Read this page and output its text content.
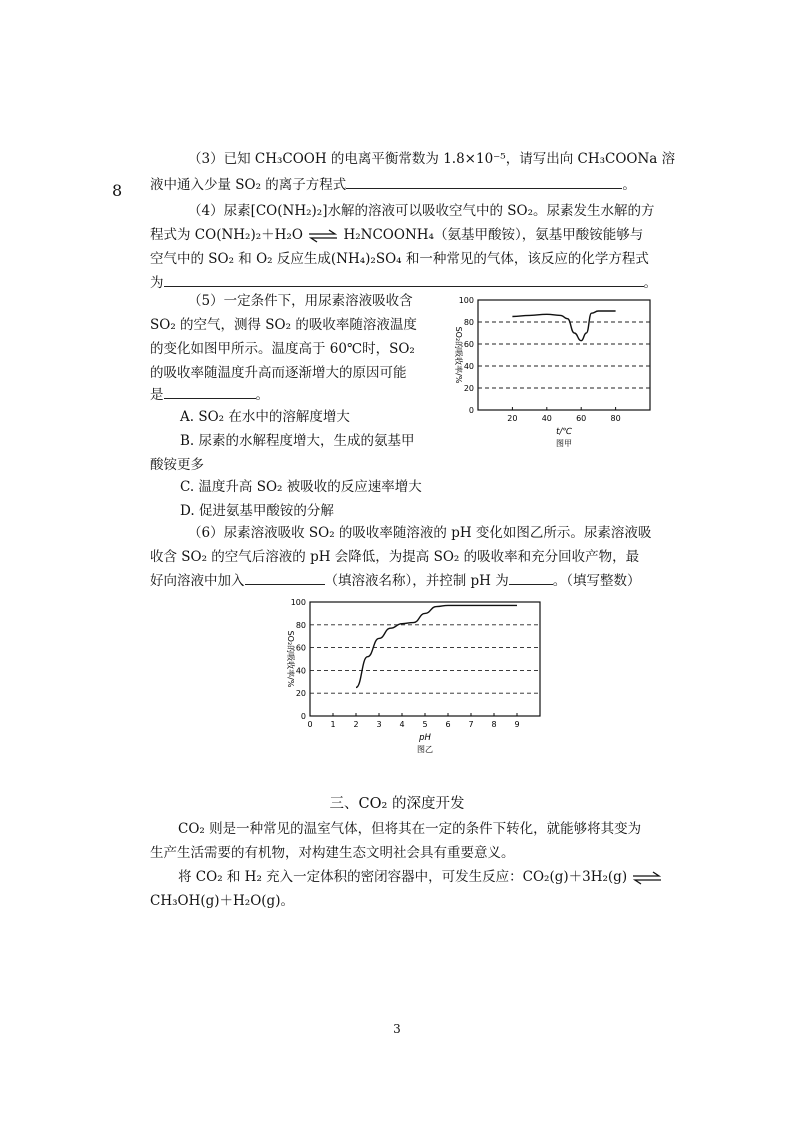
8
（3）已知 CH₃COOH 的电离平衡常数为 1.8×10⁻⁵，请写出向 CH₃COONa 溶
液中通入少量 SO₂ 的离子方程式	。
（4）尿素[CO(NH₂)₂]水解的溶液可以吸收空气中的 SO₂。尿素发生水解的方
程式为 CO(NH₂)₂＋H₂O ⇌ H₂NCOONH₄（氨基甲酸铵），氨基甲酸铵能够与
空气中的 SO₂ 和 O₂ 反应生成(NH₄)₂SO₄ 和一种常见的气体，该反应的化学方程式
为	。
（5）一定条件下，用尿素溶液吸收含
SO₂ 的空气，测得 SO₂ 的吸收率随溶液温度
的变化如图甲所示。温度高于 60℃时，SO₂
的吸收率随温度升高而逐渐增大的原因可能
是	。
A. SO₂ 在水中的溶解度增大
B. 尿素的水解程度增大，生成的氨基甲
酸铵更多
C. 温度升高 SO₂ 被吸收的反应速率增大
D. 促进氨基甲酸铵的分解
0
20
40
60
80
100
20	40	60	80
SO₂的吸收率/%
t/℃
图甲
（6）尿素溶液吸收 SO₂ 的吸收率随溶液的 pH 变化如图乙所示。尿素溶液吸
收含 SO₂ 的空气后溶液的 pH 会降低，为提高 SO₂ 的吸收率和充分回收产物，最
好向溶液中加入	（填溶液名称），并控制 pH 为	。（填写整数）
0
20
40
60
80
100
0 1 2 3 4 5 6 7 8 9
SO₂的吸收率/%
pH
图乙
三、CO₂ 的深度开发
CO₂ 则是一种常见的温室气体，但将其在一定的条件下转化，就能够将其变为
生产生活需要的有机物，对构建生态文明社会具有重要意义。
将 CO₂ 和 H₂ 充入一定体积的密闭容器中，可发生反应：CO₂(g)＋3H₂(g) ⇌
CH₃OH(g)＋H₂O(g)。
3
